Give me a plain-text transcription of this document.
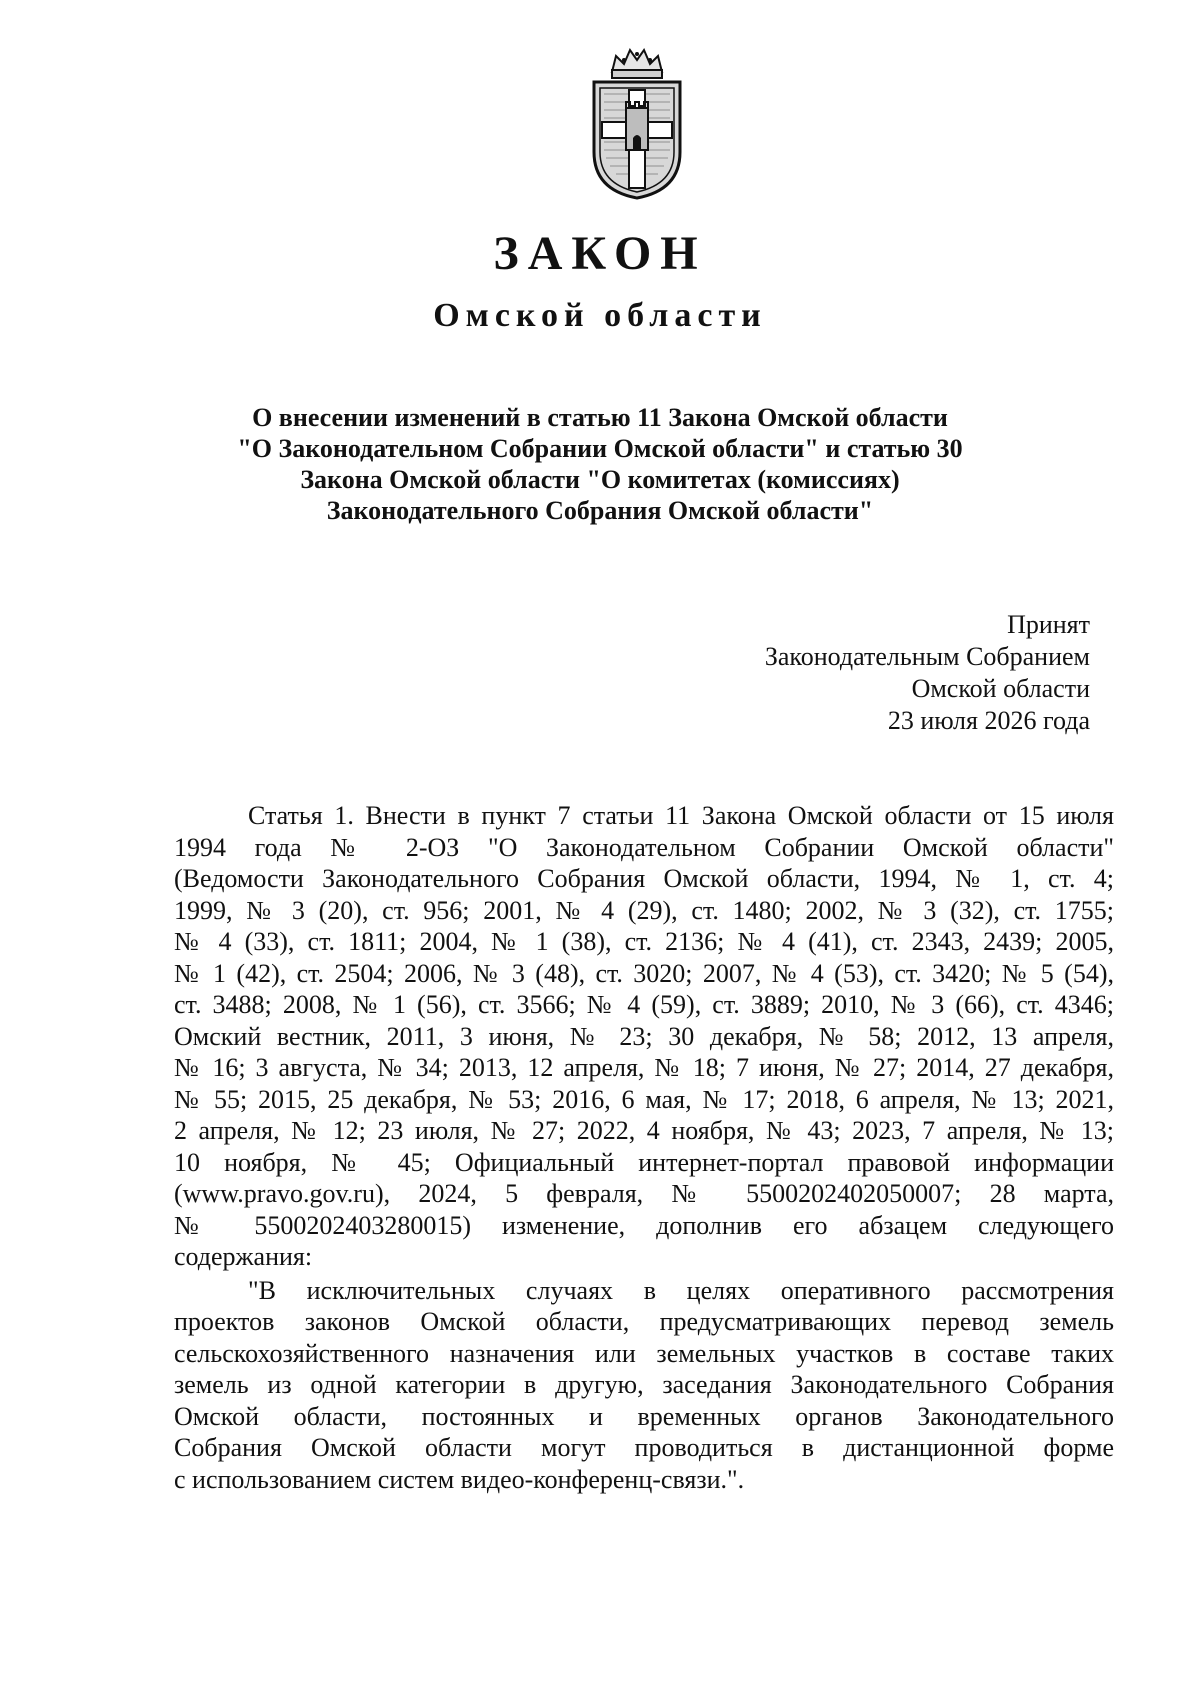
ЗАКОН
Омской области
О внесении изменений в статью 11 Закона Омской области
"О Законодательном Собрании Омской области" и статью 30
Закона Омской области "О комитетах (комиссиях)
Законодательного Собрания Омской области"
Принят
Законодательным Собранием
Омской области
23 июля 2026 года
Статья 1. Внести в пункт 7 статьи 11 Закона Омской области от 15 июля
1994 года № 2-ОЗ "О Законодательном Собрании Омской области"
(Ведомости Законодательного Собрания Омской области, 1994, № 1, ст. 4;
1999, № 3 (20), ст. 956; 2001, № 4 (29), ст. 1480; 2002, № 3 (32), ст. 1755;
№ 4 (33), ст. 1811; 2004, № 1 (38), ст. 2136; № 4 (41), ст. 2343, 2439; 2005,
№ 1 (42), ст. 2504; 2006, № 3 (48), ст. 3020; 2007, № 4 (53), ст. 3420; № 5 (54),
ст. 3488; 2008, № 1 (56), ст. 3566; № 4 (59), ст. 3889; 2010, № 3 (66), ст. 4346;
Омский вестник, 2011, 3 июня, № 23; 30 декабря, № 58; 2012, 13 апреля,
№ 16; 3 августа, № 34; 2013, 12 апреля, № 18; 7 июня, № 27; 2014, 27 декабря,
№ 55; 2015, 25 декабря, № 53; 2016, 6 мая, № 17; 2018, 6 апреля, № 13; 2021,
2 апреля, № 12; 23 июля, № 27; 2022, 4 ноября, № 43; 2023, 7 апреля, № 13;
10 ноября, № 45; Официальный интернет-портал правовой информации
(www.pravo.gov.ru), 2024, 5 февраля, № 5500202402050007; 28 марта,
№ 5500202403280015) изменение, дополнив его абзацем следующего
содержания:
"В исключительных случаях в целях оперативного рассмотрения
проектов законов Омской области, предусматривающих перевод земель
сельскохозяйственного назначения или земельных участков в составе таких
земель из одной категории в другую, заседания Законодательного Собрания
Омской области, постоянных и временных органов Законодательного
Собрания Омской области могут проводиться в дистанционной форме
с использованием систем видео-конференц-связи.".
